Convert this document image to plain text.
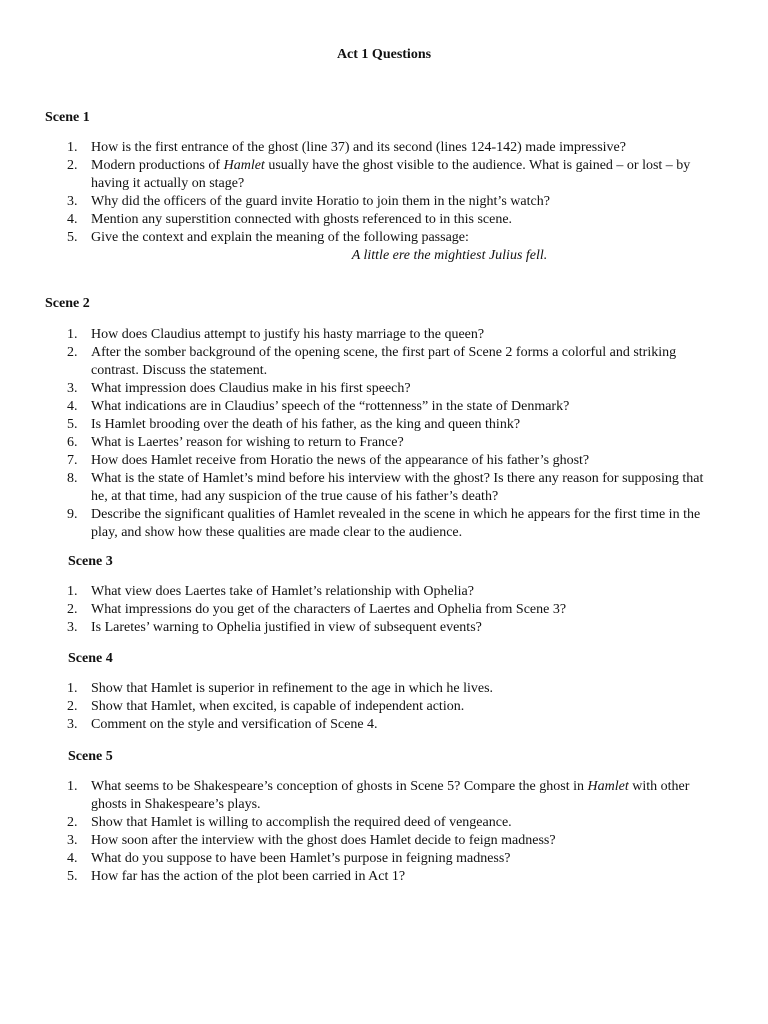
Act 1 Questions
Scene 1
1. How is the first entrance of the ghost (line 37) and its second (lines 124-142) made impressive?
2. Modern productions of Hamlet usually have the ghost visible to the audience. What is gained – or lost – by having it actually on stage?
3. Why did the officers of the guard invite Horatio to join them in the night’s watch?
4. Mention any superstition connected with ghosts referenced to in this scene.
5. Give the context and explain the meaning of the following passage:
A little ere the mightiest Julius fell.
Scene 2
1. How does Claudius attempt to justify his hasty marriage to the queen?
2. After the somber background of the opening scene, the first part of Scene 2 forms a colorful and striking contrast. Discuss the statement.
3. What impression does Claudius make in his first speech?
4. What indications are in Claudius’ speech of the “rottenness” in the state of Denmark?
5. Is Hamlet brooding over the death of his father, as the king and queen think?
6. What is Laertes’ reason for wishing to return to France?
7. How does Hamlet receive from Horatio the news of the appearance of his father’s ghost?
8. What is the state of Hamlet’s mind before his interview with the ghost? Is there any reason for supposing that he, at that time, had any suspicion of the true cause of his father’s death?
9. Describe the significant qualities of Hamlet revealed in the scene in which he appears for the first time in the play, and show how these qualities are made clear to the audience.
Scene 3
1. What view does Laertes take of Hamlet’s relationship with Ophelia?
2. What impressions do you get of the characters of Laertes and Ophelia from Scene 3?
3. Is Laretes’ warning to Ophelia justified in view of subsequent events?
Scene 4
1. Show that Hamlet is superior in refinement to the age in which he lives.
2. Show that Hamlet, when excited, is capable of independent action.
3. Comment on the style and versification of Scene 4.
Scene 5
1. What seems to be Shakespeare’s conception of ghosts in Scene 5? Compare the ghost in Hamlet with other ghosts in Shakespeare’s plays.
2. Show that Hamlet is willing to accomplish the required deed of vengeance.
3. How soon after the interview with the ghost does Hamlet decide to feign madness?
4. What do you suppose to have been Hamlet’s purpose in feigning madness?
5. How far has the action of the plot been carried in Act 1?
